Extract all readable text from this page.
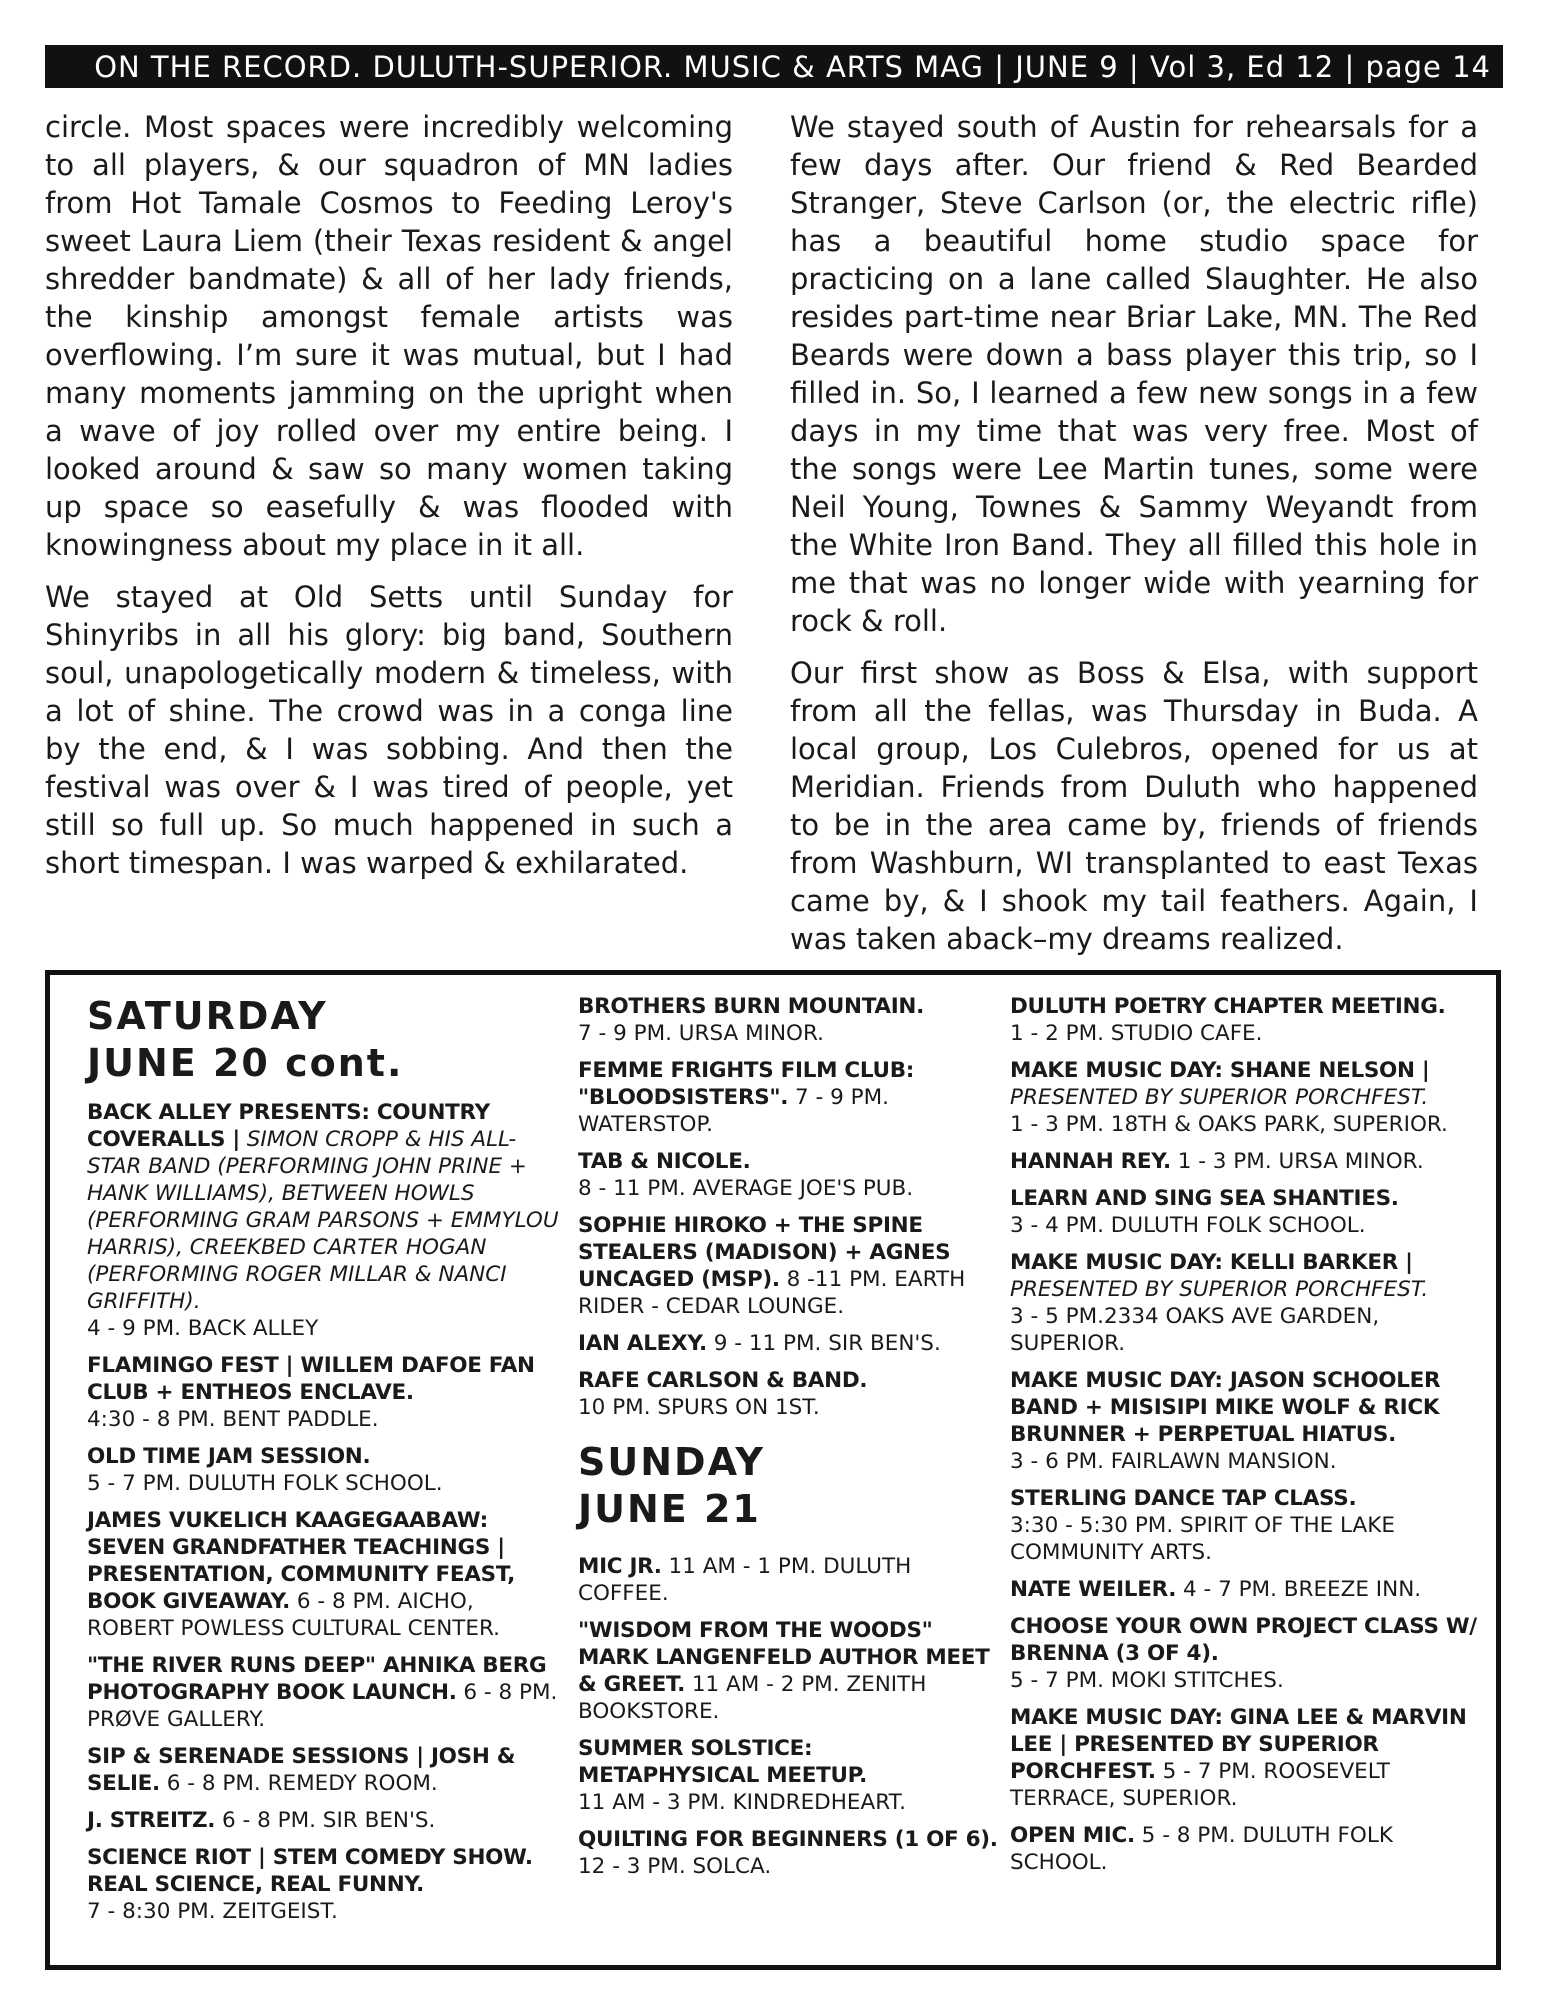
ON THE RECORD. DULUTH-SUPERIOR. MUSIC & ARTS MAG | JUNE 9 | Vol 3, Ed 12 | page 14

circle. Most spaces were incredibly welcoming to all players, & our squadron of MN ladies from Hot Tamale Cosmos to Feeding Leroy's sweet Laura Liem (their Texas resident & angel shredder bandmate) & all of her lady friends, the kinship amongst female artists was overflowing. I’m sure it was mutual, but I had many moments jamming on the upright when a wave of joy rolled over my entire being. I looked around & saw so many women taking up space so easefully & was flooded with knowingness about my place in it all.

We stayed at Old Setts until Sunday for Shinyribs in all his glory: big band, Southern soul, unapologetically modern & timeless, with a lot of shine. The crowd was in a conga line by the end, & I was sobbing. And then the festival was over & I was tired of people, yet still so full up. So much happened in such a short timespan. I was warped & exhilarated.

We stayed south of Austin for rehearsals for a few days after. Our friend & Red Bearded Stranger, Steve Carlson (or, the electric rifle) has a beautiful home studio space for practicing on a lane called Slaughter. He also resides part-time near Briar Lake, MN. The Red Beards were down a bass player this trip, so I filled in. So, I learned a few new songs in a few days in my time that was very free. Most of the songs were Lee Martin tunes, some were Neil Young, Townes & Sammy Weyandt from the White Iron Band. They all filled this hole in me that was no longer wide with yearning for rock & roll.

Our first show as Boss & Elsa, with support from all the fellas, was Thursday in Buda. A local group, Los Culebros, opened for us at Meridian. Friends from Duluth who happened to be in the area came by, friends of friends from Washburn, WI transplanted to east Texas came by, & I shook my tail feathers. Again, I was taken aback–my dreams realized.

SATURDAY
JUNE 20 cont.
BACK ALLEY PRESENTS: COUNTRY COVERALLS | SIMON CROPP & HIS ALL-STAR BAND (PERFORMING JOHN PRINE + HANK WILLIAMS), BETWEEN HOWLS (PERFORMING GRAM PARSONS + EMMYLOU HARRIS), CREEKBED CARTER HOGAN (PERFORMING ROGER MILLAR & NANCI GRIFFITH).
4 - 9 PM. BACK ALLEY
FLAMINGO FEST | WILLEM DAFOE FAN CLUB + ENTHEOS ENCLAVE.
4:30 - 8 PM. BENT PADDLE.
OLD TIME JAM SESSION.
5 - 7 PM. DULUTH FOLK SCHOOL.
JAMES VUKELICH KAAGEGAABAW: SEVEN GRANDFATHER TEACHINGS | PRESENTATION, COMMUNITY FEAST, BOOK GIVEAWAY. 6 - 8 PM. AICHO, ROBERT POWLESS CULTURAL CENTER.
"THE RIVER RUNS DEEP" AHNIKA BERG PHOTOGRAPHY BOOK LAUNCH. 6 - 8 PM. PRØVE GALLERY.
SIP & SERENADE SESSIONS | JOSH & SELIE. 6 - 8 PM. REMEDY ROOM.
J. STREITZ. 6 - 8 PM. SIR BEN'S.
SCIENCE RIOT | STEM COMEDY SHOW. REAL SCIENCE, REAL FUNNY.
7 - 8:30 PM. ZEITGEIST.
BROTHERS BURN MOUNTAIN.
7 - 9 PM. URSA MINOR.
FEMME FRIGHTS FILM CLUB: "BLOODSISTERS". 7 - 9 PM. WATERSTOP.
TAB & NICOLE.
8 - 11 PM. AVERAGE JOE'S PUB.
SOPHIE HIROKO + THE SPINE STEALERS (MADISON) + AGNES UNCAGED (MSP). 8 -11 PM. EARTH RIDER - CEDAR LOUNGE.
IAN ALEXY. 9 - 11 PM. SIR BEN'S.
RAFE CARLSON & BAND.
10 PM. SPURS ON 1ST.
SUNDAY
JUNE 21
MIC JR. 11 AM - 1 PM. DULUTH COFFEE.
"WISDOM FROM THE WOODS" MARK LANGENFELD AUTHOR MEET & GREET. 11 AM - 2 PM. ZENITH BOOKSTORE.
SUMMER SOLSTICE: METAPHYSICAL MEETUP.
11 AM - 3 PM. KINDREDHEART.
QUILTING FOR BEGINNERS (1 OF 6). 12 - 3 PM. SOLCA.
DULUTH POETRY CHAPTER MEETING.
1 - 2 PM. STUDIO CAFE.
MAKE MUSIC DAY: SHANE NELSON | PRESENTED BY SUPERIOR PORCHFEST.
1 - 3 PM. 18TH & OAKS PARK, SUPERIOR.
HANNAH REY. 1 - 3 PM. URSA MINOR.
LEARN AND SING SEA SHANTIES.
3 - 4 PM. DULUTH FOLK SCHOOL.
MAKE MUSIC DAY: KELLI BARKER | PRESENTED BY SUPERIOR PORCHFEST.
3 - 5 PM.2334 OAKS AVE GARDEN, SUPERIOR.
MAKE MUSIC DAY: JASON SCHOOLER BAND + MISISIPI MIKE WOLF & RICK BRUNNER + PERPETUAL HIATUS.
3 - 6 PM. FAIRLAWN MANSION.
STERLING DANCE TAP CLASS.
3:30 - 5:30 PM. SPIRIT OF THE LAKE COMMUNITY ARTS.
NATE WEILER. 4 - 7 PM. BREEZE INN.
CHOOSE YOUR OWN PROJECT CLASS W/ BRENNA (3 OF 4).
5 - 7 PM. MOKI STITCHES.
MAKE MUSIC DAY: GINA LEE & MARVIN LEE | PRESENTED BY SUPERIOR PORCHFEST. 5 - 7 PM. ROOSEVELT TERRACE, SUPERIOR.
OPEN MIC. 5 - 8 PM. DULUTH FOLK SCHOOL.
